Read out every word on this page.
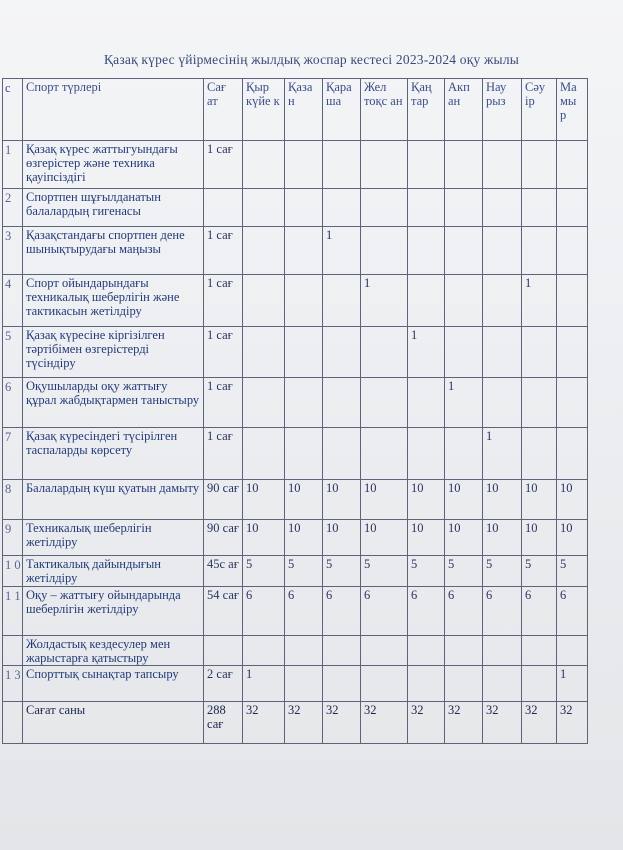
Қазақ күрес үйірмесінің жылдық жоспар кестесі 2023-2024 оқу жылы
с	Спорт түрлері	Сағ ат	Қыр күйе к	Қаза н	Қара ша	Жел тоқс ан	Қаң тар	Акп ан	Нау рыз	Сәу ір	Ма мы р
1	Қазақ күрес жаттыгуындағы өзгерістер және техника қауіпсіздігі	1 сағ									
2	Спортпен шұғылданатын балалардың гигенасы										
3	Қазақстандағы спортпен дене шынықтырудағы маңызы	1 сағ			1						
4	Спорт ойындарындағы техникалық шеберлігін және тактикасын жетілдіру	1 сағ				1				1	
5	Қазақ күресіне кіргізілген тәртібімен өзгерістерді түсіндіру	1 сағ					1				
6	Оқушыларды оқу жаттығу құрал жабдықтармен таныстыру	1 сағ						1			
7	Қазақ күресіндегі түсірілген таспаларды көрсету	1 сағ							1		
8	Балалардың күш қуатын дамыту	90 сағ	10	10	10	10	10	10	10	10	10
9	Техникалық шеберлігін жетілдіру	90 сағ	10	10	10	10	10	10	10	10	10
1 0	Тактикалық дайындығын жетілдіру	45с ағ	5	5	5	5	5	5	5	5	5
1 1	Оқу – жаттығу ойындарында шеберлігін жетілдіру	54 сағ	6	6	6	6	6	6	6	6	6
	Жолдастық кездесулер мен жарыстарға қатыстыру										
1 3	Спорттық сынақтар тапсыру	2 сағ	1								1
	Сағат саны	288 сағ	32	32	32	32	32	32	32	32	32
